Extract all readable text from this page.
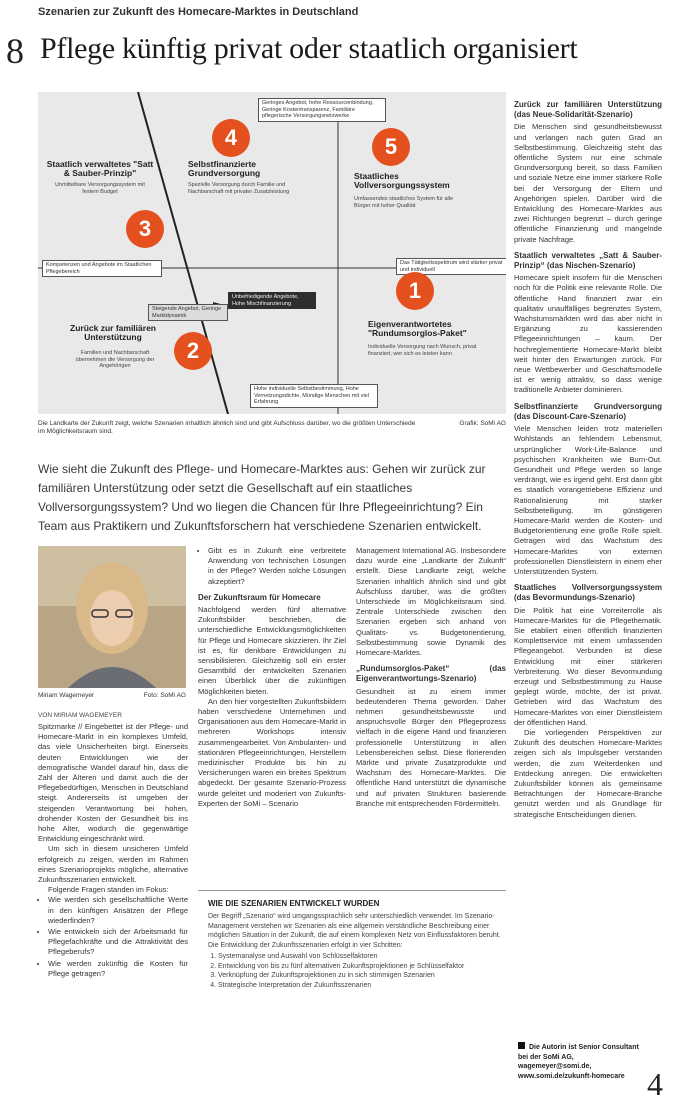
Szenarien zur Zukunft des Homecare-Marktes in Deutschland
8 Pflege künftig privat oder staatlich organisiert
Geringes Angebot, hohe Ressourcenbindung, Geringe Kostentransparenz, Familiäre pflegerische Versorgungsnetzwerke
Kompetenzen und Angebote im Staatlichen Pflegebereich
Das Tätigkeitsspektrum wird stärker privat und individuell
Unbefriedigende Angebote, Hohe Mischfinanzierung
Steigende Angebot, Geringe Marktdynamik
Hohe individuelle Selbstbestimmung, Hohe Vernetzungsdichte, Mündige Menschen mit viel Erfahrung
4	5
3
2
1
Staatlich verwaltetes "Satt & Sauber-Prinzip"
Unmittelbare Versorgungssystem mit festem Budget
Selbstfinanzierte Grundversorgung
Spezielle Versorgung durch Familie und Nachbarschaft mit privater Zusatzleistung
Staatliches Vollversorgungssystem
Umfassendes staatliches System für alle Bürger mit hoher Qualität
Zurück zur familiären Unterstützung
Familien und Nachbarschaft übernehmen die Versorgung der Angehörigen
Eigenverantwortetes "Rundumsorglos-Paket"
Individuelle Versorgung nach Wunsch, privat finanziert, wer sich es leisten kann
Die Landkarte der Zukunft zeigt, welche Szenarien inhaltlich ähnlich sind und gibt Aufschluss darüber, wo die größten Unterschiede im Möglichkeitsraum sind.
Grafik: SoMi AG
Wie sieht die Zukunft des Pflege- und Homecare-Marktes aus: Gehen wir zurück zur familiären Unterstützung oder setzt die Gesellschaft auf ein staatliches Vollversorgungssystem? Und wo liegen die Chancen für Ihre Pflegeeinrichtung? Ein Team aus Praktikern und Zukunftsforschern hat verschiedene Szenarien entwickelt.
Miriam Wagemeyer	Foto: SoMi AG
VON MIRIAM WAGEMEYER

Spitzmarke // Eingebettet ist der Pflege- und Homecare-Markt in ein komplexes Umfeld, das viele Unsicherheiten birgt. Einerseits deuten Entwicklungen wie der demografische Wandel darauf hin, dass die Zahl der Älteren und damit auch die der Pflegebedürftigen, Menschen in Deutschland steigt. Andererseits ist umgeben der steigenden Verantwortung bei hohen, drohender Kosten der Gesundheit bis ins hohe Alter, wodurch die gegenwärtige Entwicklung eingeschränkt wird.

Um sich in diesem unsicheren Umfeld erfolgreich zu zeigen, werden im Rahmen eines Szenarioprojekts mögliche, alternative Zukunftsszenarien entwickelt.

Folgende Fragen standen im Fokus:

• Wie werden sich gesellschaftliche Werte in den künftigen Ansätzen der Pflege wiederfinden?
• Wie entwickeln sich der Arbeitsmarkt für Pflegefachkräfte und die Attraktivität des Pflegeberufs?
• Wie werden zukünftig die Kosten für Pflege getragen?
• Gibt es in Zukunft eine verbreitete Anwendung von technischen Lösungen in der Pflege? Werden solche Lösungen akzeptiert?
Der Zukunftsraum für Homecare

Nachfolgend werden fünf alternative Zukunftsbilder beschrieben, die unterschiedliche Entwicklungsmöglichkeiten für Pflege und Homecare skizzieren. Ihr Ziel ist es, für denkbare Entwicklungen zu sensibilisieren. Gleichzeitig soll ein erster Gesamtbild der entwickelten Szenarien einen Überblick über die zukünftigen Möglichkeiten bieten.

An den hier vorgestellten Zukunftsbildern haben verschiedene Unternehmen und Organisationen aus dem Homecare-Markt in mehreren Workshops intensiv zusammengearbeitet. Von Ambulanten- und stationären Pflegeeinrichtungen, Herstellern medizinischer Produkte bis hin zu Versicherungen waren ein breites Spektrum abgedeckt. Der gesamte Szenario-Prozess wurde geleitet und moderiert von Zukunfts-Experten der SoMi – Scenario

Management International AG. Insbesondere dazu wurde eine „Landkarte der Zukunft“ erstellt. Diese Landkarte zeigt, welche Szenarien inhaltlich ähnlich sind und gibt Aufschluss darüber, was die größten Unterschiede im Möglichkeitsraum sind. Zentrale Unterschiede zwischen den Szenarien ergeben sich anhand von Qualitäts- vs. Budgetorientierung, Selbstbestimmung sowie Dynamik des Homecare-Marktes.

„Rundumsorglos-Paket“ (das Eigenverantwortungs-Szenario)

Gesundheit ist zu einem immer bedeutenderen Thema geworden. Daher nehmen gesundheitsbewusste und anspruchsvolle Bürger den Pflegeprozess vielfach in die eigene Hand und finanzieren professionelle Unterstützung in allen Lebensbereichen selbst. Diese florierenden Märkte und private Zusatzprodukte und Wachstum des Homecare-Marktes. Die öffentliche Hand unterstützt die dynamische und auf privaten Strukturen basierende Branche mit entsprechenden Fördermitteln.

Zurück zur familiären Unterstützung (das Neue-Solidarität-Szenario)

Die Menschen sind gesundheitsbewusst und verlangen nach guten Grad an Selbstbestimmung. Gleichzeitig steht das öffentliche System nur eine schmale Grundversorgung bereit, so dass Familien und soziale Netze eine immer stärkere Rolle bei der Versorgung der Eltern und Angehörigen spielen. Darüber wird die Entwicklung des Homecare-Marktes aus zwei Richtungen begrenzt – durch geringe öffentliche Finanzierung und mangelnde private Nachfrage.

Staatlich verwaltetes „Satt & Sauber-Prinzip“ (das Nischen-Szenario)

Homecare spielt insofern für die Menschen noch für die Politik eine relevante Rolle. Die öffentliche Hand finanziert zwar ein qualitativ unauffälliges begrenztes System, Wachstumsmärkten wird das aber nicht in Ergänzung zu kassierenden Pflegeeinrichtungen – kaum. Der hochreglementierte Homecare-Markt bleibt weit hinter den Erwartungen zurück. Für neue Wettbewerber und Geschäftsmodelle ist er wenig attraktiv, so dass wenige traditionelle Anbieter dominieren.

Selbstfinanzierte Grundversorgung (das Discount-Care-Szenario)

Viele Menschen leiden trotz materiellen Wohlstands an fehlendem Lebensmut, ursprünglicher Work-Life-Balance und psychischen Krankheiten wie Burn-Out. Gesundheit und Pflege werden so lange verdrängt, wie es irgend geht. Erst dann gibt es staatlich vorangetriebene Effizienz und Rationalisierung mit starker Selbstbeteiligung. Im günstigeren Homecare-Markt werden die Kosten- und Budgetorientierung eine große Rolle spielt. Getragen wird das Wachstum des Homecare-Marktes von externen professionellen Dienstleistern in einem eher Unterstützenden System.

Staatliches Vollversorgungssystem (das Bevormundungs-Szenario)

Die Politik hat eine Vorreiterrolle als Homecare-Marktes für die Pflegethematik. Sie etabliert einen öffentlich finanzierten Komplettservice mit einem umfassenden Pflegeangebot. Verbunden ist diese Entwicklung mit einer stärkeren Verbreiterung. Wo dieser Bevormundung erzeugt und Selbstbestimmung zu Hause geplegt würde, möchte, der ist privat. Getrieben wird das Wachstum des Homecare-Marktes von einer Dienstleistern der öffentlichen Hand.

Die vorliegenden Perspektiven zur Zukunft des deutschen Homecare-Marktes zeigen sich als Impulsgeber verstanden werden, die zum Weiterdenken und Entdeckung anregen. Die entwickelten Zukunftsbilder können als gemeinsame Betrachtungen der Homecare-Branche genutzt werden und als Grundlage für strategische Entscheidungen dienen.

WIE DIE SZENARIEN ENTWICKELT WURDEN

Der Begriff „Szenario“ wird umgangssprachlich sehr unterschiedlich verwendet. Im Szenario-Management verstehen wir Szenarien als eine allgemein verständliche Beschreibung einer möglichen Situation in der Zukunft, die auf einem komplexen Netz von Einflussfaktoren beruht. Die Entwicklung der Zukunftsszenarien erfolgt in vier Schritten:

1. Systemanalyse und Auswahl von Schlüsselfaktoren
2. Entwicklung von bis zu fünf alternativen Zukunftsprojektionen je Schlüsselfaktor
3. Verknüpfung der Zukunftsprojektionen zu in sich stimmigen Szenarien
4. Strategische Interpretation der Zukunftsszenarien
Die Autorin ist Senior Consultant bei der SoMi AG, wagemeyer@somi.de, www.somi.de/zukunft-homecare 4
